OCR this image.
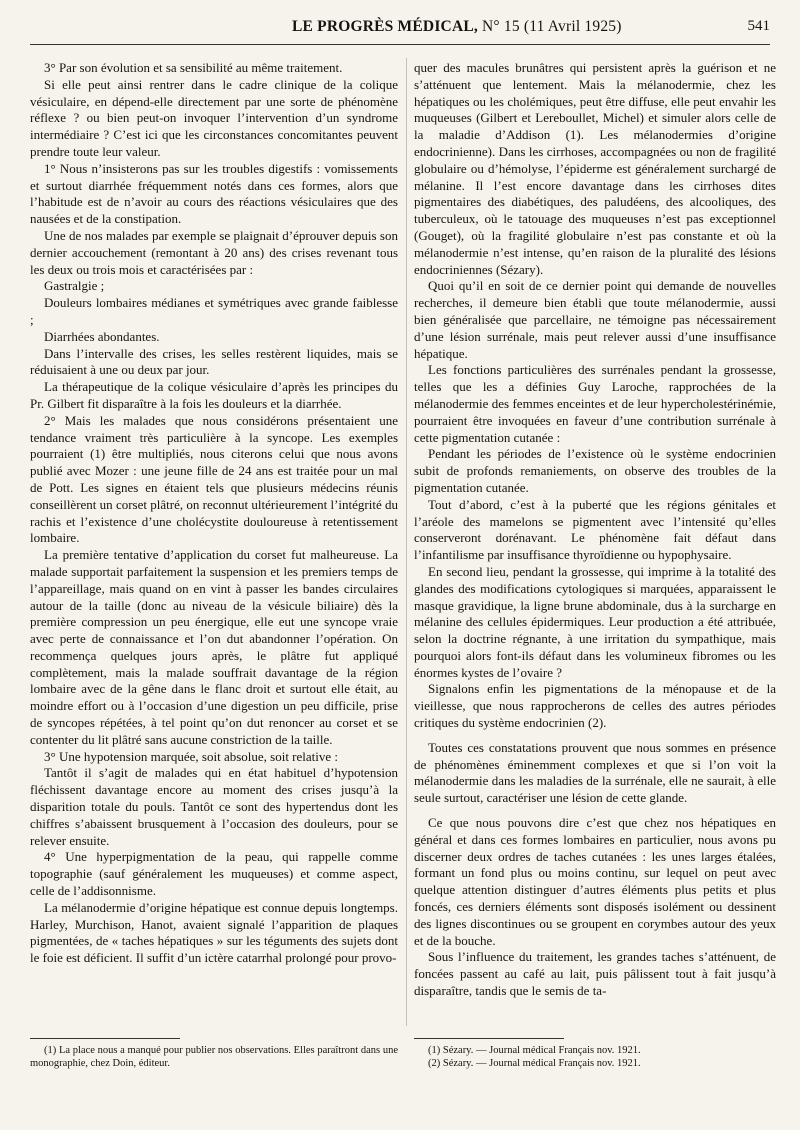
LE PROGRÈS MÉDICAL, N° 15 (11 Avril 1925)	541

3° Par son évolution et sa sensibilité au même traitement.

Si elle peut ainsi rentrer dans le cadre clinique de la colique vésiculaire, en dépend-elle directement par une sorte de phénomène réflexe ? ou bien peut-on invoquer l’intervention d’un syndrome intermédiaire ? C’est ici que les circonstances concomitantes peuvent prendre toute leur valeur.

1° Nous n’insisterons pas sur les troubles digestifs : vomissements et surtout diarrhée fréquemment notés dans ces formes, alors que l’habitude est de n’avoir au cours des réactions vésiculaires que des nausées et de la constipation.

Une de nos malades par exemple se plaignait d’éprouver depuis son dernier accouchement (remontant à 20 ans) des crises revenant tous les deux ou trois mois et caractérisées par :

Gastralgie ;

Douleurs lombaires médianes et symétriques avec grande faiblesse ;

Diarrhées abondantes.

Dans l’intervalle des crises, les selles restèrent liquides, mais se réduisaient à une ou deux par jour.

La thérapeutique de la colique vésiculaire d’après les principes du Pr. Gilbert fit disparaître à la fois les douleurs et la diarrhée.

2° Mais les malades que nous considérons présentaient une tendance vraiment très particulière à la syncope. Les exemples pourraient (1) être multipliés, nous citerons celui que nous avons publié avec Mozer : une jeune fille de 24 ans est traitée pour un mal de Pott. Les signes en étaient tels que plusieurs médecins réunis conseillèrent un corset plâtré, on reconnut ultérieurement l’intégrité du rachis et l’existence d’une cholécystite douloureuse à retentissement lombaire.

La première tentative d’application du corset fut malheureuse. La malade supportait parfaitement la suspension et les premiers temps de l’appareillage, mais quand on en vint à passer les bandes circulaires autour de la taille (donc au niveau de la vésicule biliaire) dès la première compression un peu énergique, elle eut une syncope vraie avec perte de connaissance et l’on dut abandonner l’opération. On recommença quelques jours après, le plâtre fut appliqué complètement, mais la malade souffrait davantage de la région lombaire avec de la gêne dans le flanc droit et surtout elle était, au moindre effort ou à l’occasion d’une digestion un peu difficile, prise de syncopes répétées, à tel point qu’on dut renoncer au corset et se contenter du lit plâtré sans aucune constriction de la taille.

3° Une hypotension marquée, soit absolue, soit relative :

Tantôt il s’agit de malades qui en état habituel d’hypotension fléchissent davantage encore au moment des crises jusqu’à la disparition totale du pouls. Tantôt ce sont des hypertendus dont les chiffres s’abaissent brusquement à l’occasion des douleurs, pour se relever ensuite.

4° Une hyperpigmentation de la peau, qui rappelle comme topographie (sauf généralement les muqueuses) et comme aspect, celle de l’addisonnisme.

La mélanodermie d’origine hépatique est connue depuis longtemps. Harley, Murchison, Hanot, avaient signalé l’apparition de plaques pigmentées, de « taches hépatiques » sur les téguments des sujets dont le foie est déficient. Il suffit d’un ictère catarrhal prolongé pour provo-

quer des macules brunâtres qui persistent après la guérison et ne s’atténuent que lentement. Mais la mélanodermie, chez les hépatiques ou les cholémiques, peut être diffuse, elle peut envahir les muqueuses (Gilbert et Lereboullet, Michel) et simuler alors celle de la maladie d’Addison (1). Les mélanodermies d’origine endocrinienne). Dans les cirrhoses, accompagnées ou non de fragilité globulaire ou d’hémolyse, l’épiderme est généralement surchargé de mélanine. Il l’est encore davantage dans les cirrhoses dites pigmentaires des diabétiques, des paludéens, des alcooliques, des tuberculeux, où le tatouage des muqueuses n’est pas exceptionnel (Gouget), où la fragilité globulaire n’est pas constante et où la mélanodermie n’est intense, qu’en raison de la pluralité des lésions endocriniennes (Sézary).

Quoi qu’il en soit de ce dernier point qui demande de nouvelles recherches, il demeure bien établi que toute mélanodermie, aussi bien généralisée que parcellaire, ne témoigne pas nécessairement d’une lésion surrénale, mais peut relever aussi d’une insuffisance hépatique.

Les fonctions particulières des surrénales pendant la grossesse, telles que les a définies Guy Laroche, rapprochées de la mélanodermie des femmes enceintes et de leur hypercholestérinémie, pourraient être invoquées en faveur d’une contribution surrénale à cette pigmentation cutanée :

Pendant les périodes de l’existence où le système endocrinien subit de profonds remaniements, on observe des troubles de la pigmentation cutanée.

Tout d’abord, c’est à la puberté que les régions génitales et l’aréole des mamelons se pigmentent avec l’intensité qu’elles conserveront dorénavant. Le phénomène fait défaut dans l’infantilisme par insuffisance thyroïdienne ou hypophysaire.

En second lieu, pendant la grossesse, qui imprime à la totalité des glandes des modifications cytologiques si marquées, apparaissent le masque gravidique, la ligne brune abdominale, dus à la surcharge en mélanine des cellules épidermiques. Leur production a été attribuée, selon la doctrine régnante, à une irritation du sympathique, mais pourquoi alors font-ils défaut dans les volumineux fibromes ou les énormes kystes de l’ovaire ?

Signalons enfin les pigmentations de la ménopause et de la vieillesse, que nous rapprocherons de celles des autres périodes critiques du système endocrinien (2).

Toutes ces constatations prouvent que nous sommes en présence de phénomènes éminemment complexes et que si l’on voit la mélanodermie dans les maladies de la surrénale, elle ne saurait, à elle seule surtout, caractériser une lésion de cette glande.

Ce que nous pouvons dire c’est que chez nos hépatiques en général et dans ces formes lombaires en particulier, nous avons pu discerner deux ordres de taches cutanées : les unes larges étalées, formant un fond plus ou moins continu, sur lequel on peut avec quelque attention distinguer d’autres éléments plus petits et plus foncés, ces derniers éléments sont disposés isolément ou dessinent des lignes discontinues ou se groupent en corymbes autour des yeux et de la bouche.

Sous l’influence du traitement, les grandes taches s’atténuent, de foncées passent au café au lait, puis pâlissent tout à fait jusqu’à disparaître, tandis que le semis de ta-

(1) La place nous a manqué pour publier nos observations. Elles paraîtront dans une monographie, chez Doin, éditeur.

(1) Sézary. — Journal médical Français nov. 1921.

(2) Sézary. — Journal médical Français nov. 1921.
